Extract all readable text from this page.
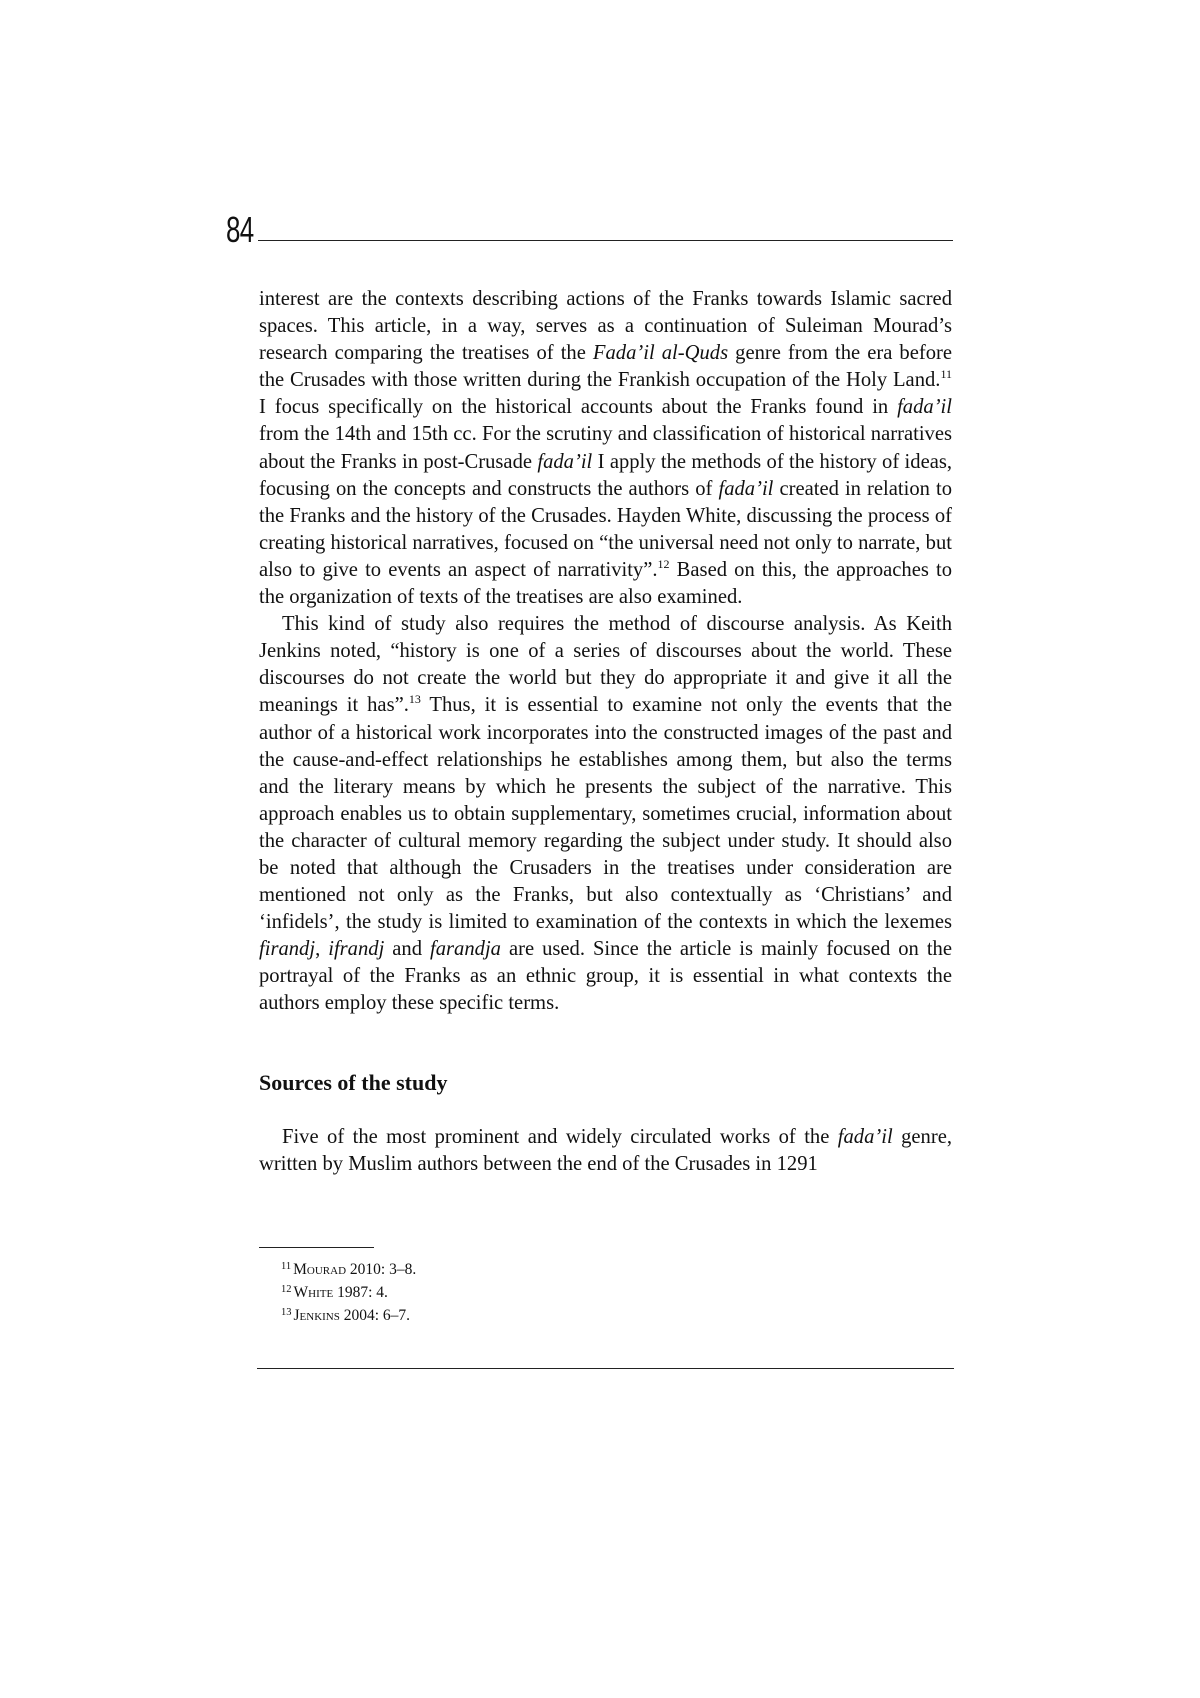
84

interest are the contexts describing actions of the Franks towards Islamic sacred spaces. This article, in a way, serves as a continuation of Suleiman Mourad’s research comparing the treatises of the Fada’il al-Quds genre from the era before the Crusades with those written during the Frankish occupation of the Holy Land.$^{11}$ I focus specifically on the historical accounts about the Franks found in fada’il from the 14th and 15th cc. For the scrutiny and classification of historical narratives about the Franks in post-Crusade fada’il I apply the methods of the history of ideas, focusing on the concepts and constructs the authors of fada’il created in relation to the Franks and the history of the Crusades. Hayden White, discussing the process of creating historical narratives, focused on “the universal need not only to narrate, but also to give to events an aspect of narrativity”.$^{12}$ Based on this, the approaches to the organization of texts of the treatises are also examined.

This kind of study also requires the method of discourse analysis. As Keith Jenkins noted, “history is one of a series of discourses about the world. These discourses do not create the world but they do appropriate it and give it all the meanings it has”.$^{13}$ Thus, it is essential to examine not only the events that the author of a historical work incorporates into the constructed images of the past and the cause-and-effect relationships he establishes among them, but also the terms and the literary means by which he presents the subject of the narrative. This approach enables us to obtain supplementary, sometimes crucial, information about the character of cultural memory regarding the subject under study. It should also be noted that although the Crusaders in the treatises under consideration are mentioned not only as the Franks, but also contextually as ‘Christians’ and ‘infidels’, the study is limited to examination of the contexts in which the lexemes firandj, ifrandj and farandja are used. Since the article is mainly focused on the portrayal of the Franks as an ethnic group, it is essential in what contexts the authors employ these specific terms.

Sources of the study

Five of the most prominent and widely circulated works of the fada’il genre, written by Muslim authors between the end of the Crusades in 1291

$^{11}$ Mourad 2010: 3–8.

$^{12}$ White 1987: 4.

$^{13}$ Jenkins 2004: 6–7.
